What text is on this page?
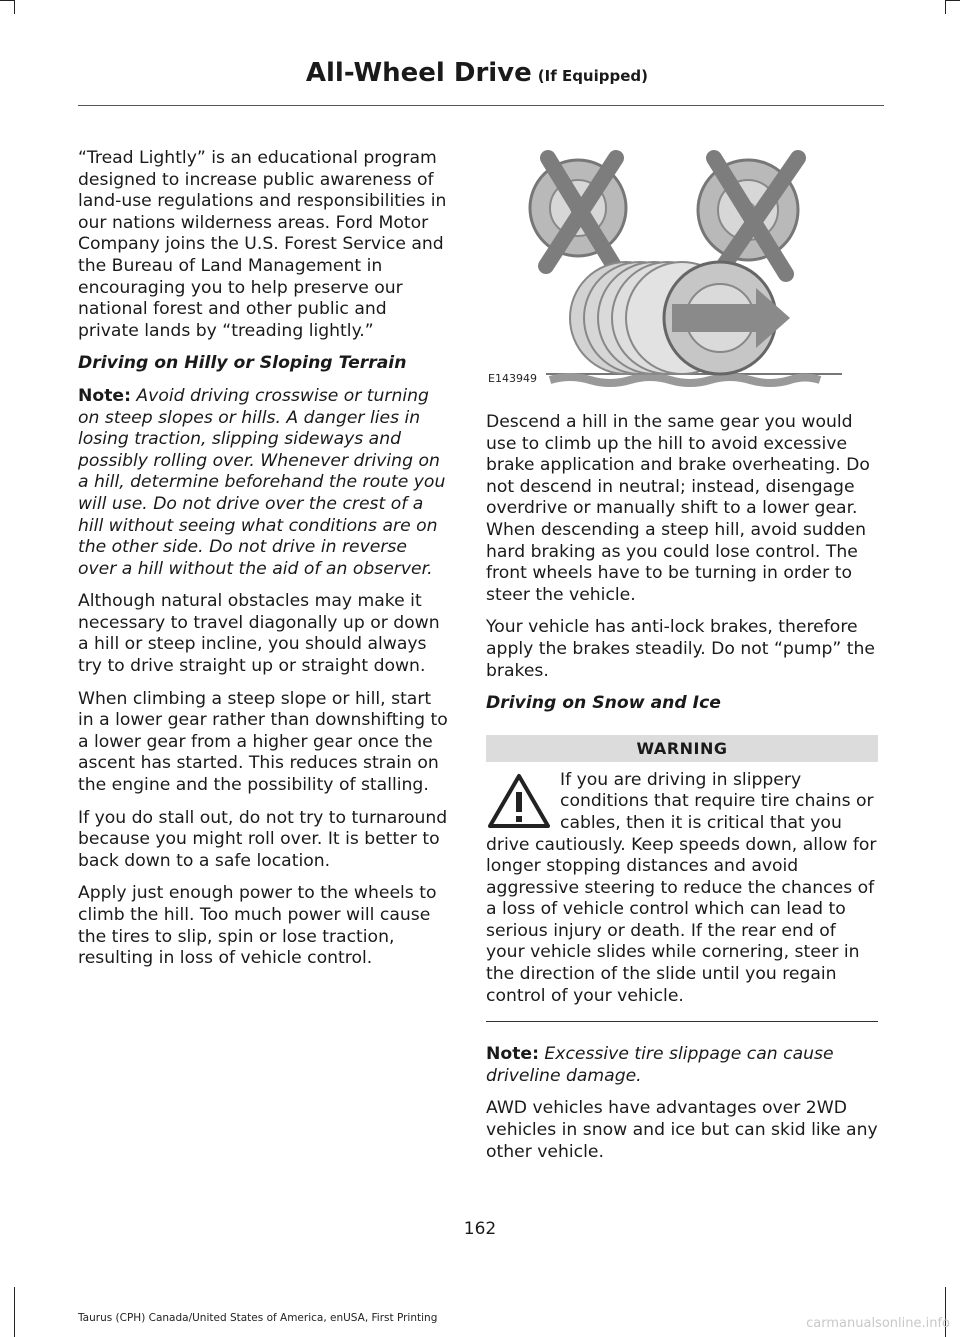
All-Wheel Drive (If Equipped)

“Tread Lightly” is an educational program designed to increase public awareness of land-use regulations and responsibilities in our nations wilderness areas. Ford Motor Company joins the U.S. Forest Service and the Bureau of Land Management in encouraging you to help preserve our national forest and other public and private lands by “treading lightly.”

Driving on Hilly or Sloping Terrain

Note: Avoid driving crosswise or turning on steep slopes or hills. A danger lies in losing traction, slipping sideways and possibly rolling over. Whenever driving on a hill, determine beforehand the route you will use. Do not drive over the crest of a hill without seeing what conditions are on the other side. Do not drive in reverse over a hill without the aid of an observer.

Although natural obstacles may make it necessary to travel diagonally up or down a hill or steep incline, you should always try to drive straight up or straight down.

When climbing a steep slope or hill, start in a lower gear rather than downshifting to a lower gear from a higher gear once the ascent has started. This reduces strain on the engine and the possibility of stalling.

If you do stall out, do not try to turnaround because you might roll over. It is better to back down to a safe location.

Apply just enough power to the wheels to climb the hill. Too much power will cause the tires to slip, spin or lose traction, resulting in loss of vehicle control.

E143949

Descend a hill in the same gear you would use to climb up the hill to avoid excessive brake application and brake overheating. Do not descend in neutral; instead, disengage overdrive or manually shift to a lower gear. When descending a steep hill, avoid sudden hard braking as you could lose control. The front wheels have to be turning in order to steer the vehicle.

Your vehicle has anti-lock brakes, therefore apply the brakes steadily. Do not “pump” the brakes.

Driving on Snow and Ice

WARNING

If you are driving in slippery conditions that require tire chains or cables, then it is critical that you drive cautiously. Keep speeds down, allow for longer stopping distances and avoid aggressive steering to reduce the chances of a loss of vehicle control which can lead to serious injury or death. If the rear end of your vehicle slides while cornering, steer in the direction of the slide until you regain control of your vehicle.

Note: Excessive tire slippage can cause driveline damage.

AWD vehicles have advantages over 2WD vehicles in snow and ice but can skid like any other vehicle.

162
Taurus (CPH) Canada/United States of America, enUSA, First Printing	carmanualsonline.info
